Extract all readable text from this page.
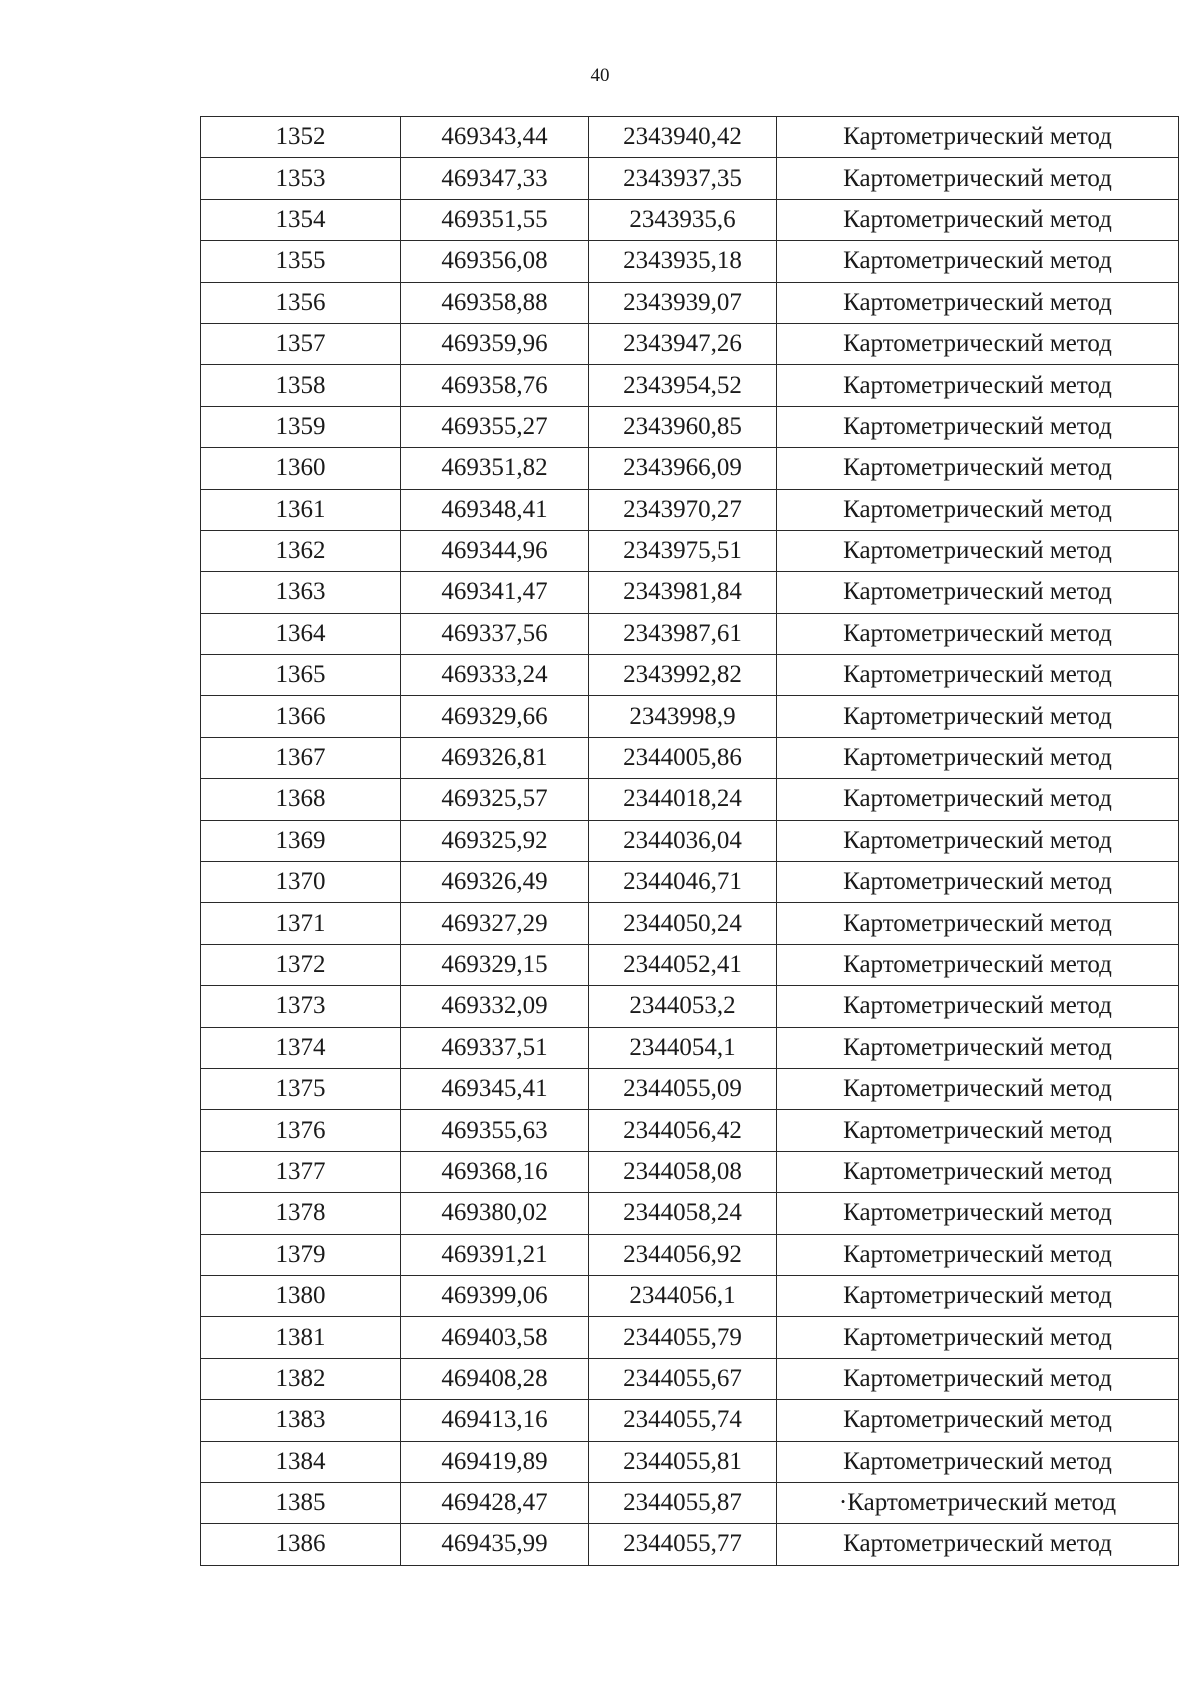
40
1352	469343,44	2343940,42	Картометрический метод
1353	469347,33	2343937,35	Картометрический метод
1354	469351,55	2343935,6	Картометрический метод
1355	469356,08	2343935,18	Картометрический метод
1356	469358,88	2343939,07	Картометрический метод
1357	469359,96	2343947,26	Картометрический метод
1358	469358,76	2343954,52	Картометрический метод
1359	469355,27	2343960,85	Картометрический метод
1360	469351,82	2343966,09	Картометрический метод
1361	469348,41	2343970,27	Картометрический метод
1362	469344,96	2343975,51	Картометрический метод
1363	469341,47	2343981,84	Картометрический метод
1364	469337,56	2343987,61	Картометрический метод
1365	469333,24	2343992,82	Картометрический метод
1366	469329,66	2343998,9	Картометрический метод
1367	469326,81	2344005,86	Картометрический метод
1368	469325,57	2344018,24	Картометрический метод
1369	469325,92	2344036,04	Картометрический метод
1370	469326,49	2344046,71	Картометрический метод
1371	469327,29	2344050,24	Картометрический метод
1372	469329,15	2344052,41	Картометрический метод
1373	469332,09	2344053,2	Картометрический метод
1374	469337,51	2344054,1	Картометрический метод
1375	469345,41	2344055,09	Картометрический метод
1376	469355,63	2344056,42	Картометрический метод
1377	469368,16	2344058,08	Картометрический метод
1378	469380,02	2344058,24	Картометрический метод
1379	469391,21	2344056,92	Картометрический метод
1380	469399,06	2344056,1	Картометрический метод
1381	469403,58	2344055,79	Картометрический метод
1382	469408,28	2344055,67	Картометрический метод
1383	469413,16	2344055,74	Картометрический метод
1384	469419,89	2344055,81	Картометрический метод
1385	469428,47	2344055,87	·Картометрический метод
1386	469435,99	2344055,77	Картометрический метод
